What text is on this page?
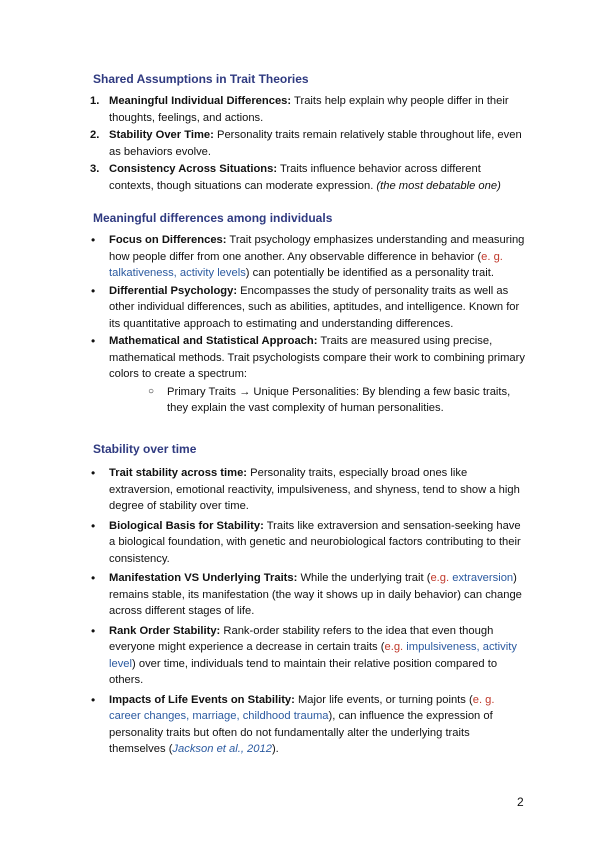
Shared Assumptions in Trait Theories
1. Meaningful Individual Differences: Traits help explain why people differ in their thoughts, feelings, and actions.
2. Stability Over Time: Personality traits remain relatively stable throughout life, even as behaviors evolve.
3. Consistency Across Situations: Traits influence behavior across different contexts, though situations can moderate expression. (the most debatable one)
Meaningful differences among individuals
• Focus on Differences: Trait psychology emphasizes understanding and measuring how people differ from one another. Any observable difference in behavior (e. g. talkativeness, activity levels) can potentially be identified as a personality trait.
• Differential Psychology: Encompasses the study of personality traits as well as other individual differences, such as abilities, aptitudes, and intelligence. Known for its quantitative approach to estimating and understanding differences.
• Mathematical and Statistical Approach: Traits are measured using precise, mathematical methods. Trait psychologists compare their work to combining primary colors to create a spectrum:
○ Primary Traits → Unique Personalities: By blending a few basic traits, they explain the vast complexity of human personalities.
Stability over time
• Trait stability across time: Personality traits, especially broad ones like extraversion, emotional reactivity, impulsiveness, and shyness, tend to show a high degree of stability over time.
• Biological Basis for Stability: Traits like extraversion and sensation-seeking have a biological foundation, with genetic and neurobiological factors contributing to their consistency.
• Manifestation VS Underlying Traits: While the underlying trait (e.g. extraversion) remains stable, its manifestation (the way it shows up in daily behavior) can change across different stages of life.
• Rank Order Stability: Rank-order stability refers to the idea that even though everyone might experience a decrease in certain traits (e.g. impulsiveness, activity level) over time, individuals tend to maintain their relative position compared to others.
• Impacts of Life Events on Stability: Major life events, or turning points (e. g. career changes, marriage, childhood trauma), can influence the expression of personality traits but often do not fundamentally alter the underlying traits themselves (Jackson et al., 2012).
2
